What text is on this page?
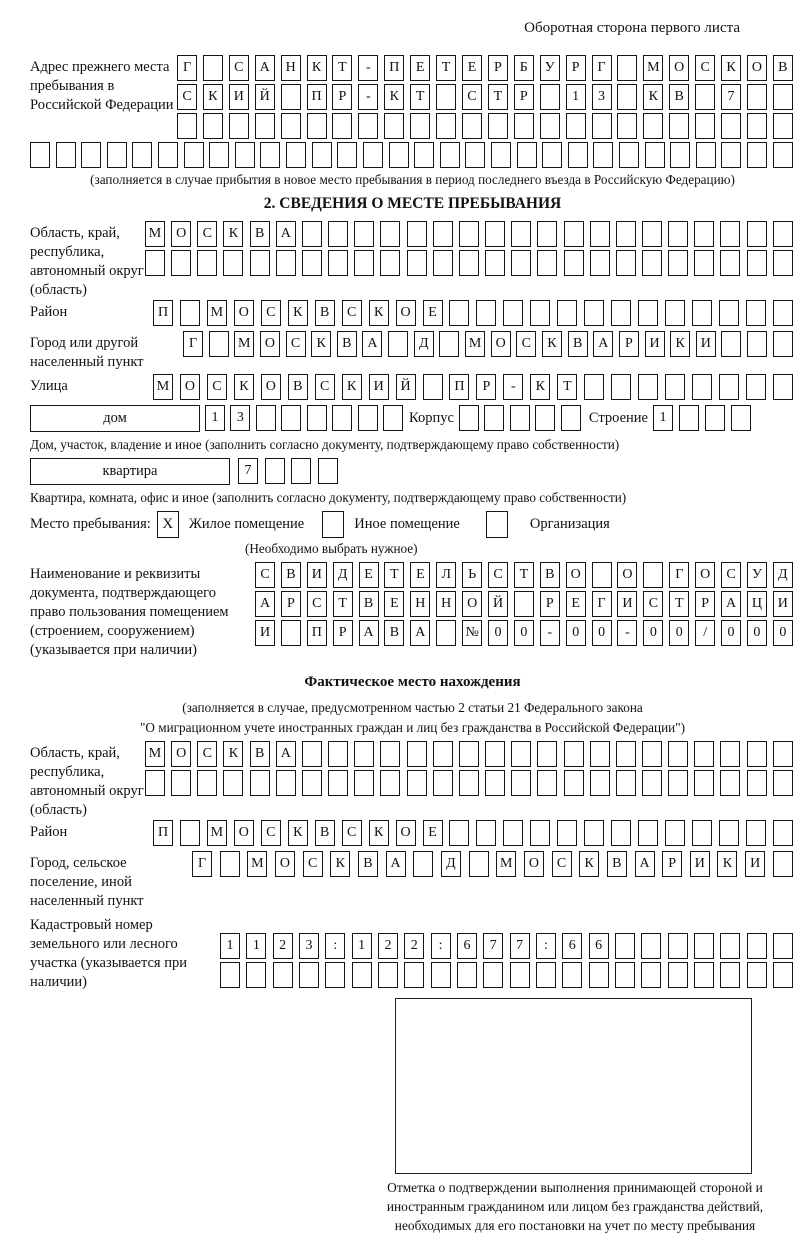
Оборотная сторона первого листа
Адрес прежнего места пребывания в Российской Федерации
Г	С	А	Н	К	Т	-	П	Е	Т	Е	Р	Б	У	Р	Г	М	О	С	К	О	В
С	К	И	Й	П	Р	-	К	Т	С	Т	Р	1	3	К	В	7
(заполняется в случае прибытия в новое место пребывания в период последнего въезда в Российскую Федерацию)
2. СВЕДЕНИЯ О МЕСТЕ ПРЕБЫВАНИЯ
Область, край, республика, автономный округ (область)
М	О	С	К	В	А
Район	П	М	О	С	К	В	С	К	О	Е
Город или другой населенный пункт
Г	М	О	С	К	В	А	Д	М	О	С	К	В	А	Р	И	К	И
Улица	М	О	С	К	О	В	С	К	И	Й	П	Р	-	К	Т
дом	1	3	Корпус	Строение 1
Дом, участок, владение и иное (заполнить согласно документу, подтверждающему право собственности)
квартира	7
Квартира, комната, офис и иное (заполнить согласно документу, подтверждающему право собственности)
Место пребывания: X	Жилое помещение	Иное помещение	Организация
(Необходимо выбрать нужное)
Наименование и реквизиты документа, подтверждающего право пользования помещением (строением, сооружением) (указывается при наличии)
С	В	И	Д	Е	Т	Е	Л	Ь	С	Т	В	О	О	Г	О	С	У	Д
А	Р	С	Т	В	Е	Н	Н	О	Й	Р	Е	Г	И	С	Т	Р	А	Ц	И
И	П	Р	А	В	А	№	0	0	-	0	0	-	0	0	/	0	0	0
Фактическое место нахождения
(заполняется в случае, предусмотренном частью 2 статьи 21 Федерального закона
"О миграционном учете иностранных граждан и лиц без гражданства в Российской Федерации")
Область, край, республика, автономный округ (область)
М	О	С	К	В	А
Район	П	М	О	С	К	В	С	К	О	Е
Город, сельское поселение, иной населенный пункт
Г	М	О	С	К	В	А	Д	М	О	С	К	В	А	Р	И	К	И
Кадастровый номер земельного или лесного участка (указывается при наличии)
1	1	2	3	:	1	2	2	:	6	7	7	:	6	6
Отметка о подтверждении выполнения принимающей стороной и иностранным гражданином или лицом без гражданства действий, необходимых для его постановки на учет по месту пребывания
